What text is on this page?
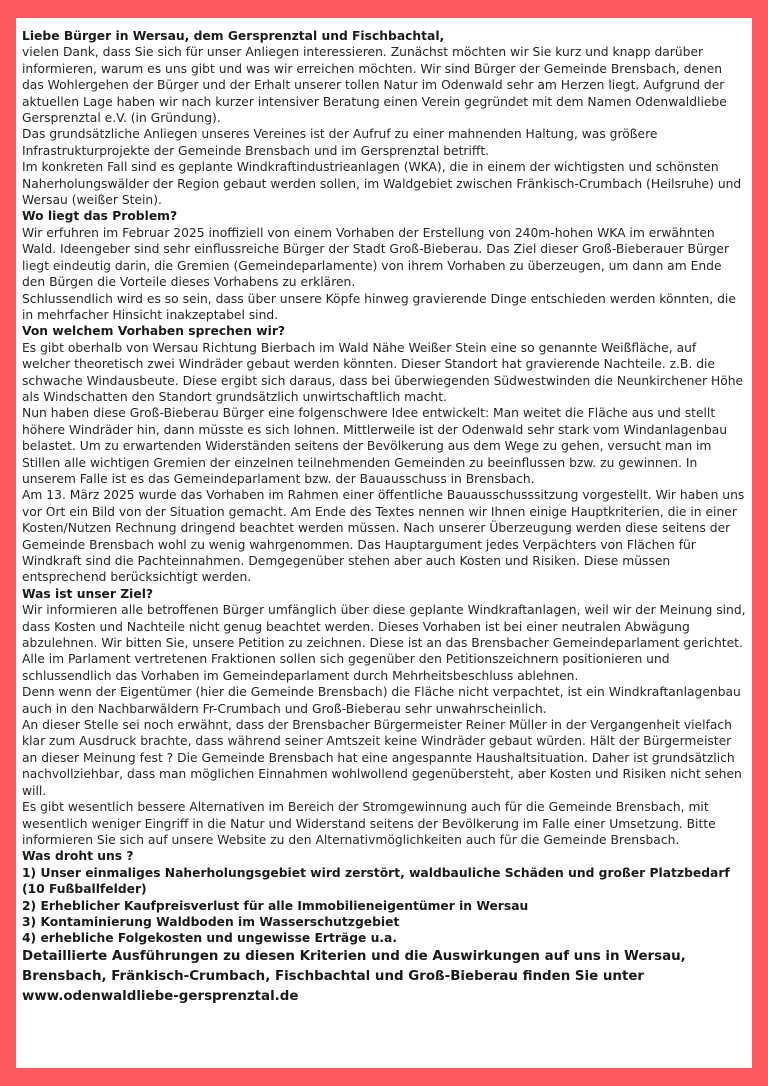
Liebe Bürger in Wersau, dem Gersprenztal und Fischbachtal,

vielen Dank, dass Sie sich für unser Anliegen interessieren. Zunächst möchten wir Sie kurz und knapp darüber informieren, warum es uns gibt und was wir erreichen möchten. Wir sind Bürger der Gemeinde Brensbach, denen das Wohlergehen der Bürger und der Erhalt unserer tollen Natur im Odenwald sehr am Herzen liegt. Aufgrund der aktuellen Lage haben wir nach kurzer intensiver Beratung einen Verein gegründet mit dem Namen Odenwaldliebe Gersprenztal e.V. (in Gründung).

Das grundsätzliche Anliegen unseres Vereines ist der Aufruf zu einer mahnenden Haltung, was größere Infrastrukturprojekte der Gemeinde Brensbach und im Gersprenztal betrifft.

Im konkreten Fall sind es geplante Windkraftindustrieanlagen (WKA), die in einem der wichtigsten und schönsten Naherholungswälder der Region gebaut werden sollen, im Waldgebiet zwischen Fränkisch-Crumbach (Heilsruhe) und Wersau (weißer Stein).

Wo liegt das Problem?

Wir erfuhren im Februar 2025 inoffiziell von einem Vorhaben der Erstellung von 240m-hohen WKA im erwähnten Wald. Ideengeber sind sehr einflussreiche Bürger der Stadt Groß-Bieberau. Das Ziel dieser Groß-Bieberauer Bürger liegt eindeutig darin, die Gremien (Gemeindeparlamente) von ihrem Vorhaben zu überzeugen, um dann am Ende den Bürgen die Vorteile dieses Vorhabens zu erklären.

Schlussendlich wird es so sein, dass über unsere Köpfe hinweg gravierende Dinge entschieden werden könnten, die in mehrfacher Hinsicht inakzeptabel sind.

Von welchem Vorhaben sprechen wir?

Es gibt oberhalb von Wersau Richtung Bierbach im Wald Nähe Weißer Stein eine so genannte Weißfläche, auf welcher theoretisch zwei Windräder gebaut werden könnten. Dieser Standort hat gravierende Nachteile. z.B. die schwache Windausbeute. Diese ergibt sich daraus, dass bei überwiegenden Südwestwinden die Neunkirchener Höhe als Windschatten den Standort grundsätzlich unwirtschaftlich macht.

Nun haben diese Groß-Bieberau Bürger eine folgenschwere Idee entwickelt: Man weitet die Fläche aus und stellt höhere Windräder hin, dann müsste es sich lohnen. Mittlerweile ist der Odenwald sehr stark vom Windanlagenbau belastet. Um zu erwartenden Widerständen seitens der Bevölkerung aus dem Wege zu gehen, versucht man im Stillen alle wichtigen Gremien der einzelnen teilnehmenden Gemeinden zu beeinflussen bzw. zu gewinnen. In unserem Falle ist es das Gemeindeparlament bzw. der Bauausschuss in Brensbach.

Am 13. März 2025 wurde das Vorhaben im Rahmen einer öffentliche Bauausschusssitzung vorgestellt. Wir haben uns vor Ort ein Bild von der Situation gemacht. Am Ende des Textes nennen wir Ihnen einige Hauptkriterien, die in einer Kosten/Nutzen Rechnung dringend beachtet werden müssen. Nach unserer Überzeugung werden diese seitens der Gemeinde Brensbach wohl zu wenig wahrgenommen. Das Hauptargument jedes Verpächters von Flächen für Windkraft sind die Pachteinnahmen. Demgegenüber stehen aber auch Kosten und Risiken. Diese müssen entsprechend berücksichtigt werden.

Was ist unser Ziel?

Wir informieren alle betroffenen Bürger umfänglich über diese geplante Windkraftanlagen, weil wir der Meinung sind, dass Kosten und Nachteile nicht genug beachtet werden. Dieses Vorhaben ist bei einer neutralen Abwägung abzulehnen. Wir bitten Sie, unsere Petition zu zeichnen. Diese ist an das Brensbacher Gemeindeparlament gerichtet.

Alle im Parlament vertretenen Fraktionen sollen sich gegenüber den Petitionszeichnern positionieren und schlussendlich das Vorhaben im Gemeindeparlament durch Mehrheitsbeschluss ablehnen.

Denn wenn der Eigentümer (hier die Gemeinde Brensbach) die Fläche nicht verpachtet, ist ein Windkraftanlagenbau auch in den Nachbarwäldern Fr-Crumbach und Groß-Bieberau sehr unwahrscheinlich.

An dieser Stelle sei noch erwähnt, dass der Brensbacher Bürgermeister Reiner Müller in der Vergangenheit vielfach klar zum Ausdruck brachte, dass während seiner Amtszeit keine Windräder gebaut würden. Hält der Bürgermeister an dieser Meinung fest ? Die Gemeinde Brensbach hat eine angespannte Haushaltsituation. Daher ist grundsätzlich nachvollziehbar, dass man möglichen Einnahmen wohlwollend gegenübersteht, aber Kosten und Risiken nicht sehen will.

Es gibt wesentlich bessere Alternativen im Bereich der Stromgewinnung auch für die Gemeinde Brensbach, mit wesentlich weniger Eingriff in die Natur und Widerstand seitens der Bevölkerung im Falle einer Umsetzung. Bitte informieren Sie sich auf unsere Website zu den Alternativmöglichkeiten auch für die Gemeinde Brensbach.

Was droht uns ?

1) Unser einmaliges Naherholungsgebiet wird zerstört, waldbauliche Schäden und großer Platzbedarf (10 Fußballfelder)

2) Erheblicher Kaufpreisverlust für alle Immobilieneigentümer in Wersau

3) Kontaminierung Waldboden im Wasserschutzgebiet

4) erhebliche Folgekosten und ungewisse Erträge u.a.

Detaillierte Ausführungen zu diesen Kriterien und die Auswirkungen auf uns in Wersau, Brensbach, Fränkisch-Crumbach, Fischbachtal und Groß-Bieberau finden Sie unter www.odenwaldliebe-gersprenztal.de
